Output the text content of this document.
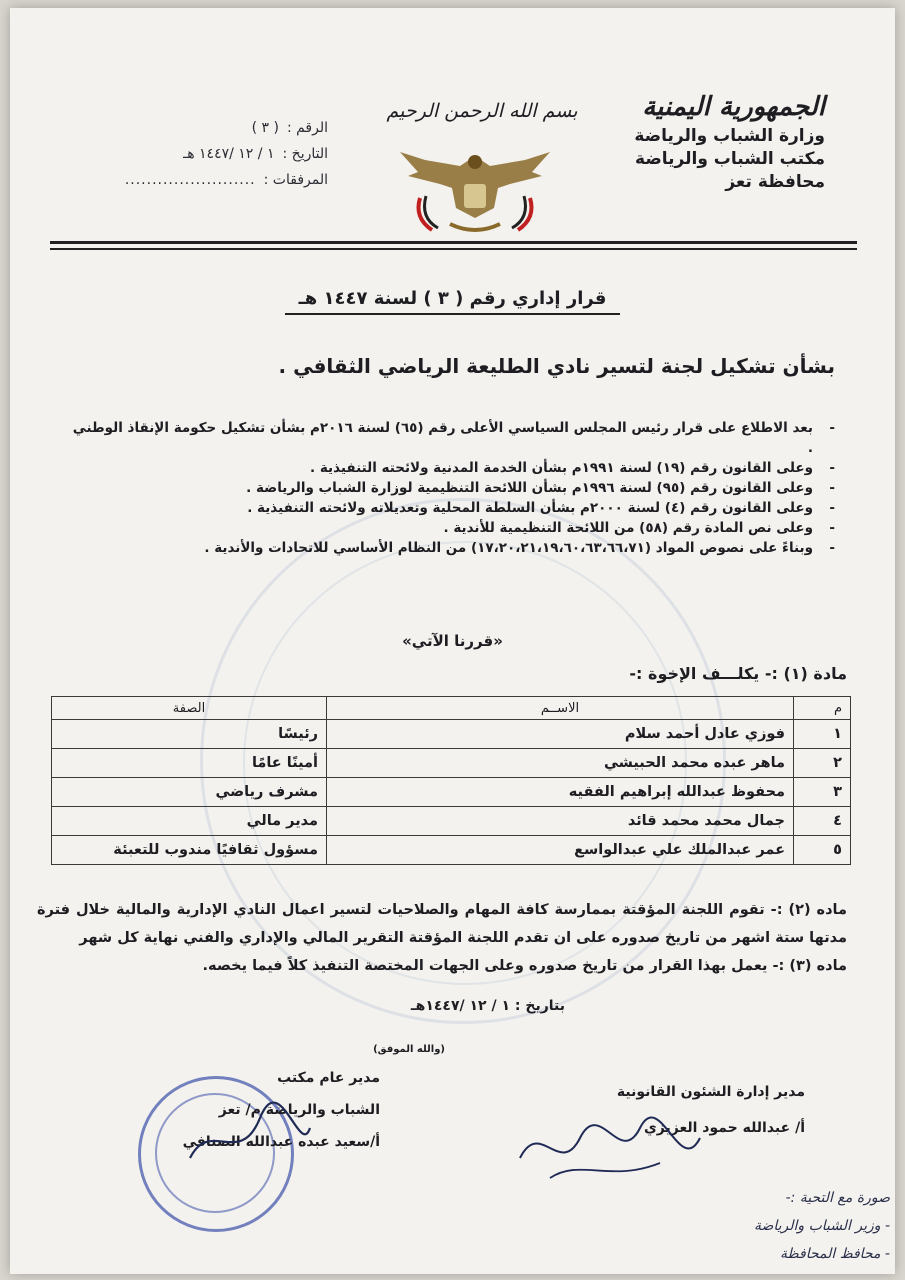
الجمهورية اليمنية
وزارة الشباب والرياضة
مكتب الشباب والرياضة
محافظة تعز
بسم الله الرحمن الرحيم
الرقم :
( ٣ )
التاريخ :
١ / ١٢ /١٤٤٧ هـ
المرفقات :
........................
قرار إداري رقم ( ٣ ) لسنة ١٤٤٧ هـ
بشأن تشكيل لجنة لتسير نادي الطليعة الرياضي الثقافي .
-
بعد الاطلاع على قرار رئيس المجلس السياسي الأعلى رقم (٦٥) لسنة ٢٠١٦م بشأن تشكيل حكومة الإنقاذ الوطني .
-
وعلى القانون رقم (١٩) لسنة ١٩٩١م بشأن الخدمة المدنية ولائحته التنفيذية .
-
وعلى القانون رقم (٩٥) لسنة ١٩٩٦م بشأن اللائحة التنظيمية لوزارة الشباب والرياضة .
-
وعلى القانون رقم (٤) لسنة ٢٠٠٠م بشأن السلطة المحلية وتعديلاته ولائحته التنفيذية .
-
وعلى نص المادة رقم (٥٨) من اللائحة التنظيمية للأندية .
-
وبناءً على نصوص المواد (١٧،٢٠،٢١،١٩،٦٠،٦٣،٦٦،٧١) من النظام الأساسي للاتحادات والأندية .
«قررنا الآتي»
مادة (١) :- يكلـــف الإخوة :-
م	الاســم	الصفة
١	فوزي عادل أحمد سلام	رئيسًا
٢	ماهر عبده محمد الحبيشي	أمينًا عامًا
٣	محفوظ عبدالله إبراهيم الفقيه	مشرف رياضي
٤	جمال محمد محمد قائد	مدير مالي
٥	عمر عبدالملك علي عبدالواسع	مسؤول ثقافيًا مندوب للتعبئة
ماده (٢) :- تقوم اللجنة المؤقتة بممارسة كافة المهام والصلاحيات لتسير اعمال النادي الإدارية والمالية خلال فترة مدتها ستة اشهر من تاريخ صدوره على ان تقدم اللجنة المؤقتة التقرير المالي والإداري والفني نهاية كل شهر
ماده (٣) :- يعمل بهذا القرار من تاريخ صدوره وعلى الجهات المختصة التنفيذ كلاً فيما يخصه.
بتاريخ : ١ / ١٢ /١٤٤٧هـ
(والله الموفق)
مدير إدارة الشئون القانونية
أ/ عبدالله حمود العزيزي
مدير عام مكتب
الشباب والرياضة م/ تعز
أ/سعيد عبده عبدالله الصنافي
صورة مع التحية :-
- وزير الشباب والرياضة
- محافظ المحافظة
